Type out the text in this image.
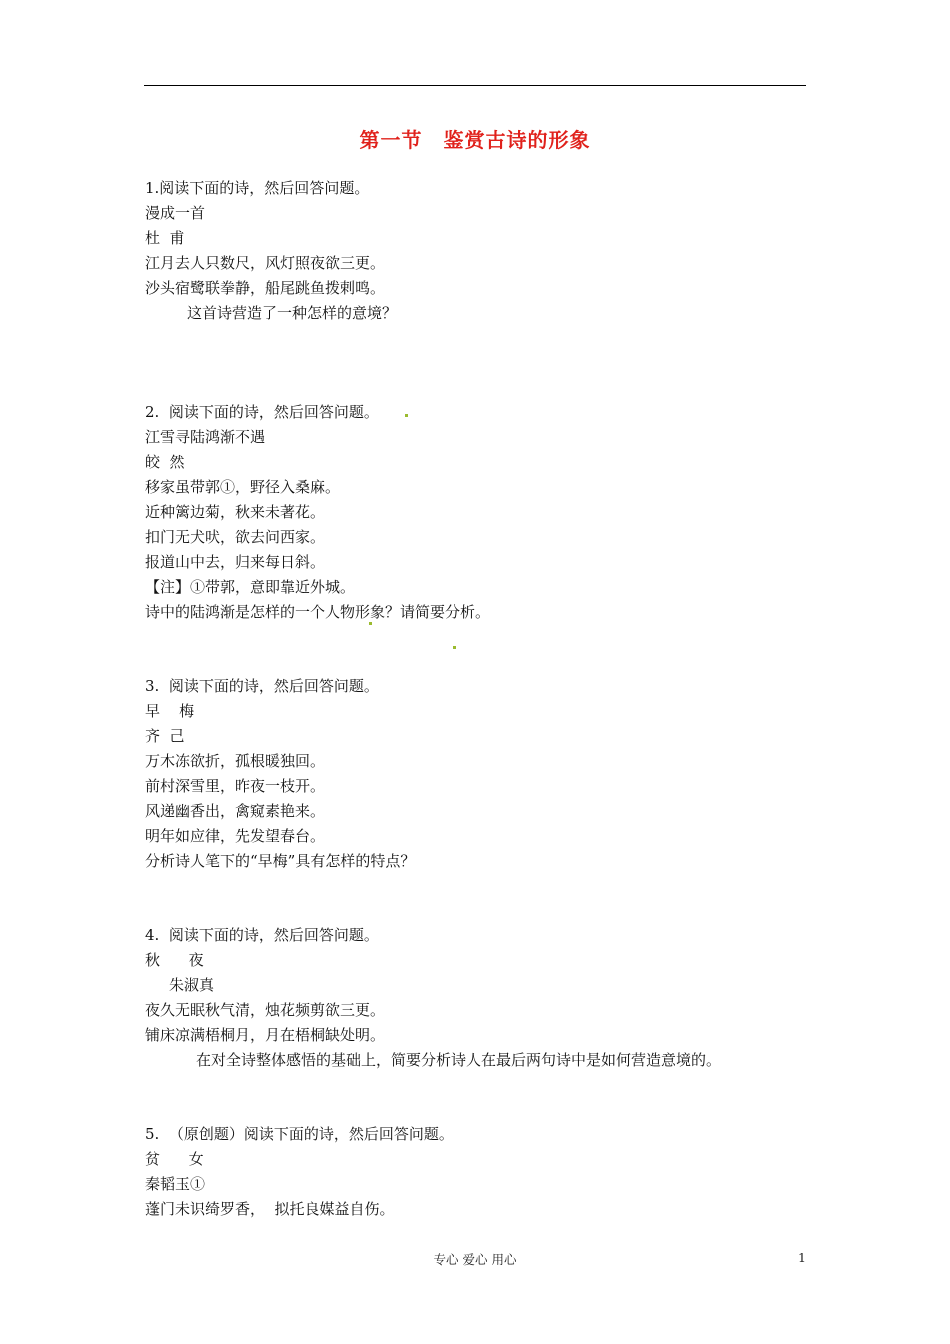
第一节　鉴赏古诗的形象
1.阅读下面的诗，然后回答问题。
漫成一首
杜  甫
江月去人只数尺，风灯照夜欲三更。
沙头宿鹭联拳静，船尾跳鱼拨剌鸣。
这首诗营造了一种怎样的意境？
2.  阅读下面的诗，然后回答问题。
江雪寻陆鸿渐不遇
皎  然
移家虽带郭①，野径入桑麻。
近种篱边菊，秋来未著花。
扣门无犬吠，欲去问西家。
报道山中去，归来每日斜。
【注】①带郭，意即靠近外城。
诗中的陆鸿渐是怎样的一个人物形象？请简要分析。
3.  阅读下面的诗，然后回答问题。
早    梅
齐  己
万木冻欲折，孤根暖独回。
前村深雪里，昨夜一枝开。
风递幽香出，禽窥素艳来。
明年如应律，先发望春台。
分析诗人笔下的“早梅”具有怎样的特点？
4.  阅读下面的诗，然后回答问题。
秋      夜
朱淑真
夜久无眠秋气清，烛花频剪欲三更。
铺床凉满梧桐月，月在梧桐缺处明。
在对全诗整体感悟的基础上，简要分析诗人在最后两句诗中是如何营造意境的。
5.  （原创题）阅读下面的诗，然后回答问题。
贫      女
秦韬玉①
蓬门未识绮罗香，  拟托良媒益自伤。
专心 爱心 用心	1
